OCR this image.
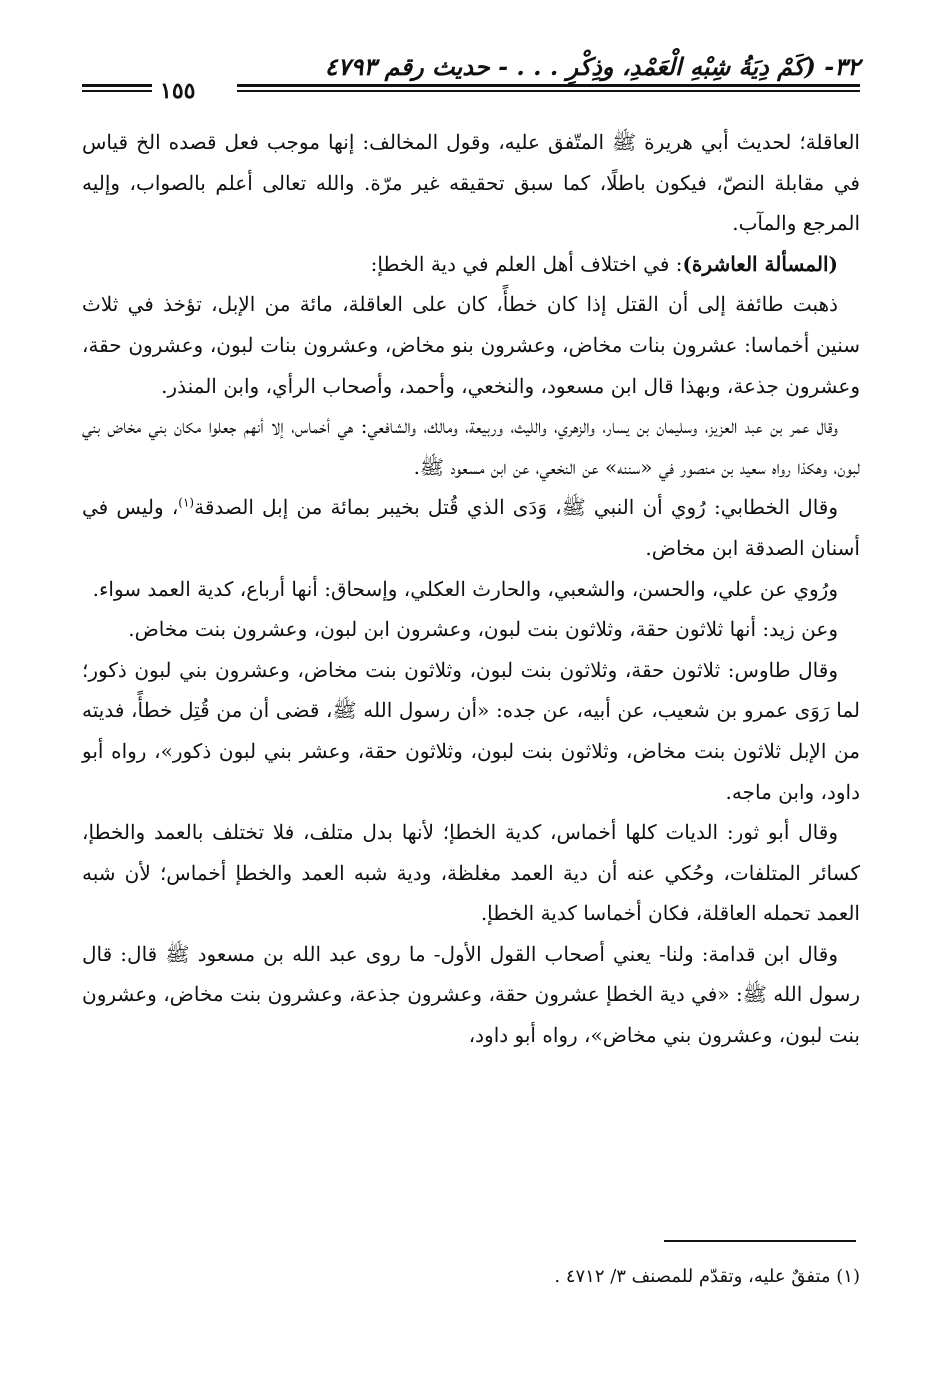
٣٢- (كَمْ دِيَةُ شِبْهِ الْعَمْدِ، وذِكْرِ . . . - حديث رقم ٤٧٩٣
١٥٥

العاقلة؛ لحديث أبي هريرة ﷺ المتّفق عليه، وقول المخالف: إنها موجب فعل قصده الخ قياس في مقابلة النصّ، فيكون باطلًا، كما سبق تحقيقه غير مرّة. والله تعالى أعلم بالصواب، وإليه المرجع والمآب.

(المسألة العاشرة): في اختلاف أهل العلم في دية الخطإ:

ذهبت طائفة إلى أن القتل إذا كان خطأً، كان على العاقلة، مائة من الإبل، تؤخذ في ثلاث سنين أخماسا: عشرون بنات مخاض، وعشرون بنو مخاض، وعشرون بنات لبون، وعشرون حقة، وعشرون جذعة، وبهذا قال ابن مسعود، والنخعي، وأحمد، وأصحاب الرأي، وابن المنذر.

وقال عمر بن عبد العزيز، وسليمان بن يسار، والزهري، والليث، وربيعة، ومالك، والشافعي: هي أخماس، إلا أنهم جعلوا مكان بني مخاض بني لبون، وهكذا رواه سعيد بن منصور في «سننه» عن النخعي، عن ابن مسعود ﷺ.

وقال الخطابي: رُوي أن النبي ﷺ، وَدَى الذي قُتل بخيبر بمائة من إبل الصدقة$^{(١)}$، وليس في أسنان الصدقة ابن مخاض.

ورُوي عن علي، والحسن، والشعبي، والحارث العكلي، وإسحاق: أنها أرباع، كدية العمد سواء.

وعن زيد: أنها ثلاثون حقة، وثلاثون بنت لبون، وعشرون ابن لبون، وعشرون بنت مخاض.

وقال طاوس: ثلاثون حقة، وثلاثون بنت لبون، وثلاثون بنت مخاض، وعشرون بني لبون ذكور؛ لما رَوَى عمرو بن شعيب، عن أبيه، عن جده: «أن رسول الله ﷺ، قضى أن من قُتِل خطأً، فديته من الإبل ثلاثون بنت مخاض، وثلاثون بنت لبون، وثلاثون حقة، وعشر بني لبون ذكور»، رواه أبو داود، وابن ماجه.

وقال أبو ثور: الديات كلها أخماس، كدية الخطإ؛ لأنها بدل متلف، فلا تختلف بالعمد والخطإ، كسائر المتلفات، وحُكي عنه أن دية العمد مغلظة، ودية شبه العمد والخطإ أخماس؛ لأن شبه العمد تحمله العاقلة، فكان أخماسا كدية الخطإ.

وقال ابن قدامة: ولنا- يعني أصحاب القول الأول- ما روى عبد الله بن مسعود ﷺ قال: قال رسول الله ﷺ: «في دية الخطإ عشرون حقة، وعشرون جذعة، وعشرون بنت مخاض، وعشرون بنت لبون، وعشرون بني مخاض»، رواه أبو داود،

(١) متفقٌ عليه، وتقدّم للمصنف ٣/ ٤٧١٢ .
